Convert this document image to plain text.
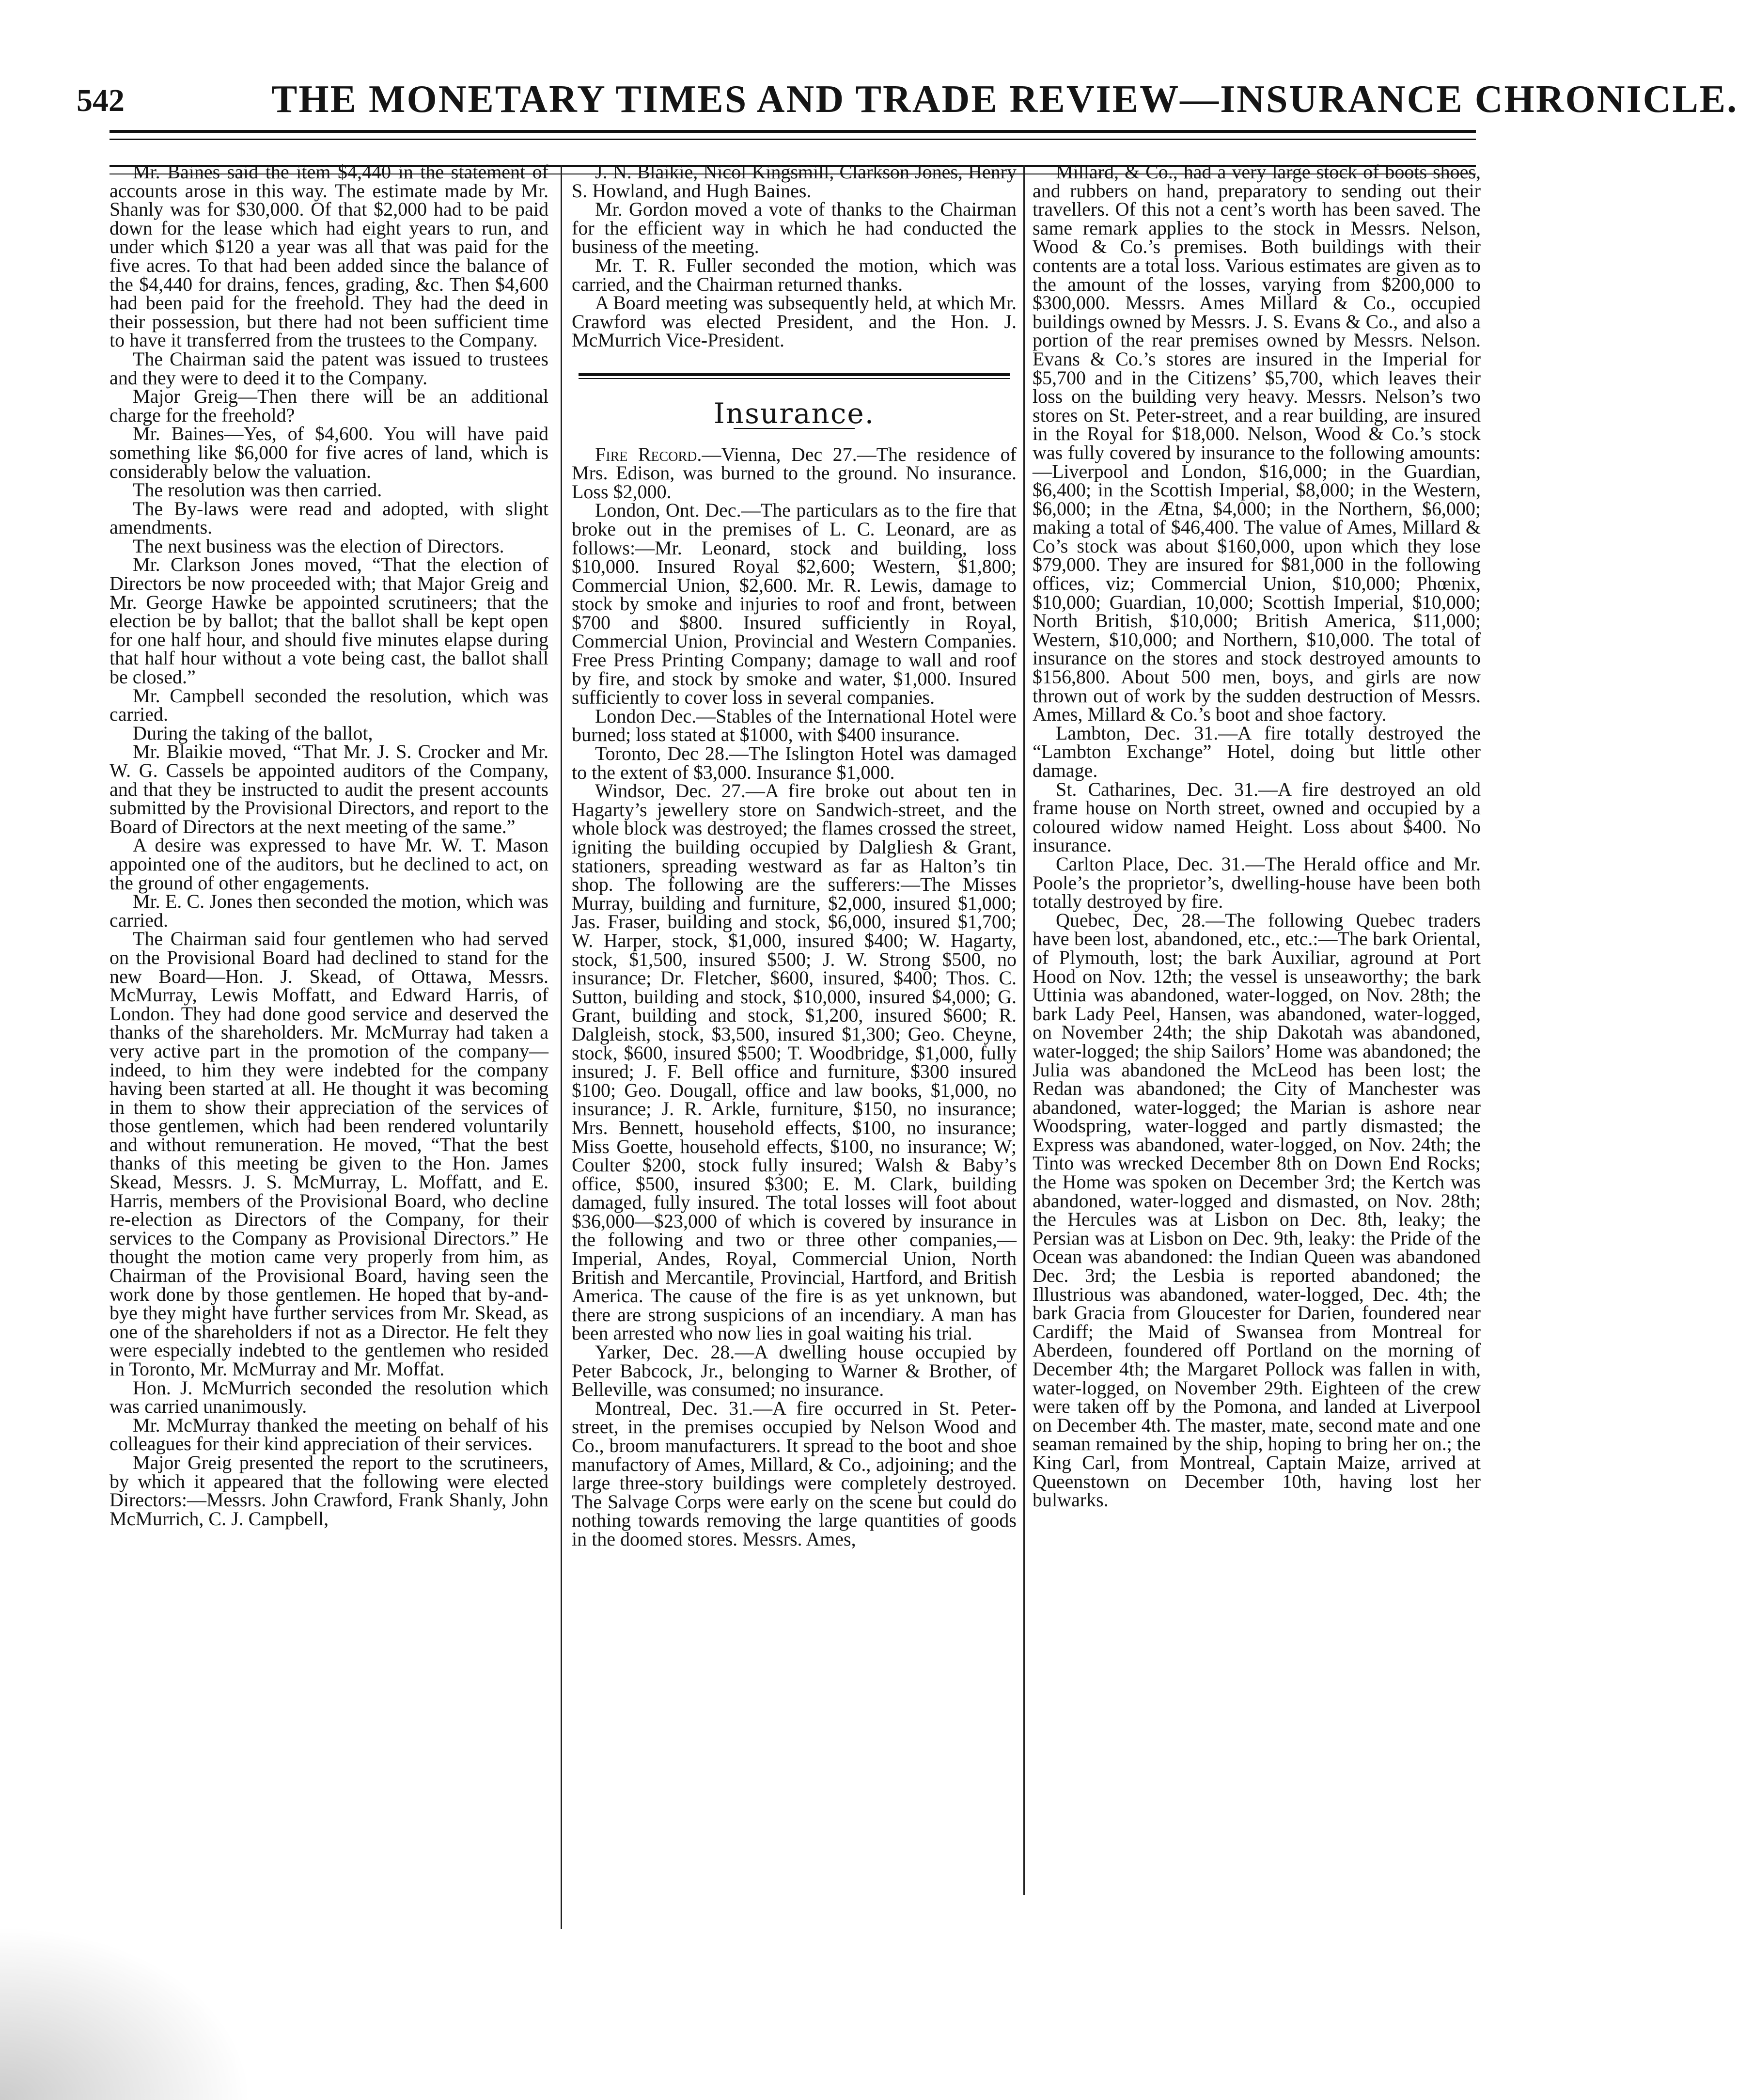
542	THE MONETARY TIMES AND TRADE REVIEW—INSURANCE CHRONICLE.

Mr. Baines said the item $4,440 in the statement of accounts arose in this way. The estimate made by Mr. Shanly was for $30,000. Of that $2,000 had to be paid down for the lease which had eight years to run, and under which $120 a year was all that was paid for the five acres. To that had been added since the balance of the $4,440 for drains, fences, grading, &c. Then $4,600 had been paid for the freehold. They had the deed in their possession, but there had not been sufficient time to have it transferred from the trustees to the Company.

The Chairman said the patent was issued to trustees and they were to deed it to the Company.

Major Greig—Then there will be an additional charge for the freehold?

Mr. Baines—Yes, of $4,600. You will have paid something like $6,000 for five acres of land, which is considerably below the valuation.

The resolution was then carried.

The By-laws were read and adopted, with slight amendments.

The next business was the election of Directors.

Mr. Clarkson Jones moved, “That the election of Directors be now proceeded with; that Major Greig and Mr. George Hawke be appointed scrutineers; that the election be by ballot; that the ballot shall be kept open for one half hour, and should five minutes elapse during that half hour without a vote being cast, the ballot shall be closed.”

Mr. Campbell seconded the resolution, which was carried.

During the taking of the ballot,

Mr. Blaikie moved, “That Mr. J. S. Crocker and Mr. W. G. Cassels be appointed auditors of the Company, and that they be instructed to audit the present accounts submitted by the Provisional Directors, and report to the Board of Directors at the next meeting of the same.”

A desire was expressed to have Mr. W. T. Mason appointed one of the auditors, but he declined to act, on the ground of other engagements.

Mr. E. C. Jones then seconded the motion, which was carried.

The Chairman said four gentlemen who had served on the Provisional Board had declined to stand for the new Board—Hon. J. Skead, of Ottawa, Messrs. McMurray, Lewis Moffatt, and Edward Harris, of London. They had done good service and deserved the thanks of the shareholders. Mr. McMurray had taken a very active part in the promotion of the company—indeed, to him they were indebted for the company having been started at all. He thought it was becoming in them to show their appreciation of the services of those gentlemen, which had been rendered voluntarily and without remuneration. He moved, “That the best thanks of this meeting be given to the Hon. James Skead, Messrs. J. S. McMurray, L. Moffatt, and E. Harris, members of the Provisional Board, who decline re-election as Directors of the Company, for their services to the Company as Provisional Directors.” He thought the motion came very properly from him, as Chairman of the Provisional Board, having seen the work done by those gentlemen. He hoped that by-and-bye they might have further services from Mr. Skead, as one of the shareholders if not as a Director. He felt they were especially indebted to the gentlemen who resided in Toronto, Mr. McMurray and Mr. Moffat.

Hon. J. McMurrich seconded the resolution which was carried unanimously.

Mr. McMurray thanked the meeting on behalf of his colleagues for their kind appreciation of their services.

Major Greig presented the report to the scrutineers, by which it appeared that the following were elected Directors:—Messrs. John Crawford, Frank Shanly, John McMurrich, C. J. Campbell,

J. N. Blaikie, Nicol Kingsmill, Clarkson Jones, Henry S. Howland, and Hugh Baines.

Mr. Gordon moved a vote of thanks to the Chairman for the efficient way in which he had conducted the business of the meeting.

Mr. T. R. Fuller seconded the motion, which was carried, and the Chairman returned thanks.

A Board meeting was subsequently held, at which Mr. Crawford was elected President, and the Hon. J. McMurrich Vice-President.

Insurance.

Fire Record.—Vienna, Dec 27.—The residence of Mrs. Edison, was burned to the ground. No insurance. Loss $2,000.

London, Ont. Dec.—The particulars as to the fire that broke out in the premises of L. C. Leonard, are as follows:—Mr. Leonard, stock and building, loss $10,000. Insured Royal $2,600; Western, $1,800; Commercial Union, $2,600. Mr. R. Lewis, damage to stock by smoke and injuries to roof and front, between $700 and $800. Insured sufficiently in Royal, Commercial Union, Provincial and Western Companies. Free Press Printing Company; damage to wall and roof by fire, and stock by smoke and water, $1,000. Insured sufficiently to cover loss in several companies.

London Dec.—Stables of the International Hotel were burned; loss stated at $1000, with $400 insurance.

Toronto, Dec 28.—The Islington Hotel was damaged to the extent of $3,000. Insurance $1,000.

Windsor, Dec. 27.—A fire broke out about ten in Hagarty’s jewellery store on Sandwich-street, and the whole block was destroyed; the flames crossed the street, igniting the building occupied by Dalgliesh & Grant, stationers, spreading westward as far as Halton’s tin shop. The following are the sufferers:—The Misses Murray, building and furniture, $2,000, insured $1,000; Jas. Fraser, building and stock, $6,000, insured $1,700; W. Harper, stock, $1,000, insured $400; W. Hagarty, stock, $1,500, insured $500; J. W. Strong $500, no insurance; Dr. Fletcher, $600, insured, $400; Thos. C. Sutton, building and stock, $10,000, insured $4,000; G. Grant, building and stock, $1,200, insured $600; R. Dalgleish, stock, $3,500, insured $1,300; Geo. Cheyne, stock, $600, insured $500; T. Woodbridge, $1,000, fully insured; J. F. Bell office and furniture, $300 insured $100; Geo. Dougall, office and law books, $1,000, no insurance; J. R. Arkle, furniture, $150, no insurance; Mrs. Bennett, household effects, $100, no insurance; Miss Goette, household effects, $100, no insurance; W; Coulter $200, stock fully insured; Walsh & Baby’s office, $500, insured $300; E. M. Clark, building damaged, fully insured. The total losses will foot about $36,000—$23,000 of which is covered by insurance in the following and two or three other companies,—Imperial, Andes, Royal, Commercial Union, North British and Mercantile, Provincial, Hartford, and British America. The cause of the fire is as yet unknown, but there are strong suspicions of an incendiary. A man has been arrested who now lies in goal waiting his trial.

Yarker, Dec. 28.—A dwelling house occupied by Peter Babcock, Jr., belonging to Warner & Brother, of Belleville, was consumed; no insurance.

Montreal, Dec. 31.—A fire occurred in St. Peter-street, in the premises occupied by Nelson Wood and Co., broom manufacturers. It spread to the boot and shoe manufactory of Ames, Millard, & Co., adjoining; and the large three-story buildings were completely destroyed. The Salvage Corps were early on the scene but could do nothing towards removing the large quantities of goods in the doomed stores. Messrs. Ames,

Millard, & Co., had a very large stock of boots shoes, and rubbers on hand, preparatory to sending out their travellers. Of this not a cent’s worth has been saved. The same remark applies to the stock in Messrs. Nelson, Wood & Co.’s premises. Both buildings with their contents are a total loss. Various estimates are given as to the amount of the losses, varying from $200,000 to $300,000. Messrs. Ames Millard & Co., occupied buildings owned by Messrs. J. S. Evans & Co., and also a portion of the rear premises owned by Messrs. Nelson. Evans & Co.’s stores are insured in the Imperial for $5,700 and in the Citizens’ $5,700, which leaves their loss on the building very heavy. Messrs. Nelson’s two stores on St. Peter-street, and a rear building, are insured in the Royal for $18,000. Nelson, Wood & Co.’s stock was fully covered by insurance to the following amounts:—Liverpool and London, $16,000; in the Guardian, $6,400; in the Scottish Imperial, $8,000; in the Western, $6,000; in the Ætna, $4,000; in the Northern, $6,000; making a total of $46,400. The value of Ames, Millard & Co’s stock was about $160,000, upon which they lose $79,000. They are insured for $81,000 in the following offices, viz; Commercial Union, $10,000; Phœnix, $10,000; Guardian, 10,000; Scottish Imperial, $10,000; North British, $10,000; British America, $11,000; Western, $10,000; and Northern, $10,000. The total of insurance on the stores and stock destroyed amounts to $156,800. About 500 men, boys, and girls are now thrown out of work by the sudden destruction of Messrs. Ames, Millard & Co.’s boot and shoe factory.

Lambton, Dec. 31.—A fire totally destroyed the “Lambton Exchange” Hotel, doing but little other damage.

St. Catharines, Dec. 31.—A fire destroyed an old frame house on North street, owned and occupied by a coloured widow named Height. Loss about $400. No insurance.

Carlton Place, Dec. 31.—The Herald office and Mr. Poole’s the proprietor’s, dwelling-house have been both totally destroyed by fire.

Quebec, Dec, 28.—The following Quebec traders have been lost, abandoned, etc., etc.:—The bark Oriental, of Plymouth, lost; the bark Auxiliar, aground at Port Hood on Nov. 12th; the vessel is unseaworthy; the bark Uttinia was abandoned, water-logged, on Nov. 28th; the bark Lady Peel, Hansen, was abandoned, water-logged, on November 24th; the ship Dakotah was abandoned, water-logged; the ship Sailors’ Home was abandoned; the Julia was abandoned the McLeod has been lost; the Redan was abandoned; the City of Manchester was abandoned, water-logged; the Marian is ashore near Woodspring, water-logged and partly dismasted; the Express was abandoned, water-logged, on Nov. 24th; the Tinto was wrecked December 8th on Down End Rocks; the Home was spoken on December 3rd; the Kertch was abandoned, water-logged and dismasted, on Nov. 28th; the Hercules was at Lisbon on Dec. 8th, leaky; the Persian was at Lisbon on Dec. 9th, leaky: the Pride of the Ocean was abandoned: the Indian Queen was abandoned Dec. 3rd; the Lesbia is reported abandoned; the Illustrious was abandoned, water-logged, Dec. 4th; the bark Gracia from Gloucester for Darien, foundered near Cardiff; the Maid of Swansea from Montreal for Aberdeen, foundered off Portland on the morning of December 4th; the Margaret Pollock was fallen in with, water-logged, on November 29th. Eighteen of the crew were taken off by the Pomona, and landed at Liverpool on December 4th. The master, mate, second mate and one seaman remained by the ship, hoping to bring her on.; the King Carl, from Montreal, Captain Maize, arrived at Queenstown on December 10th, having lost her bulwarks.
